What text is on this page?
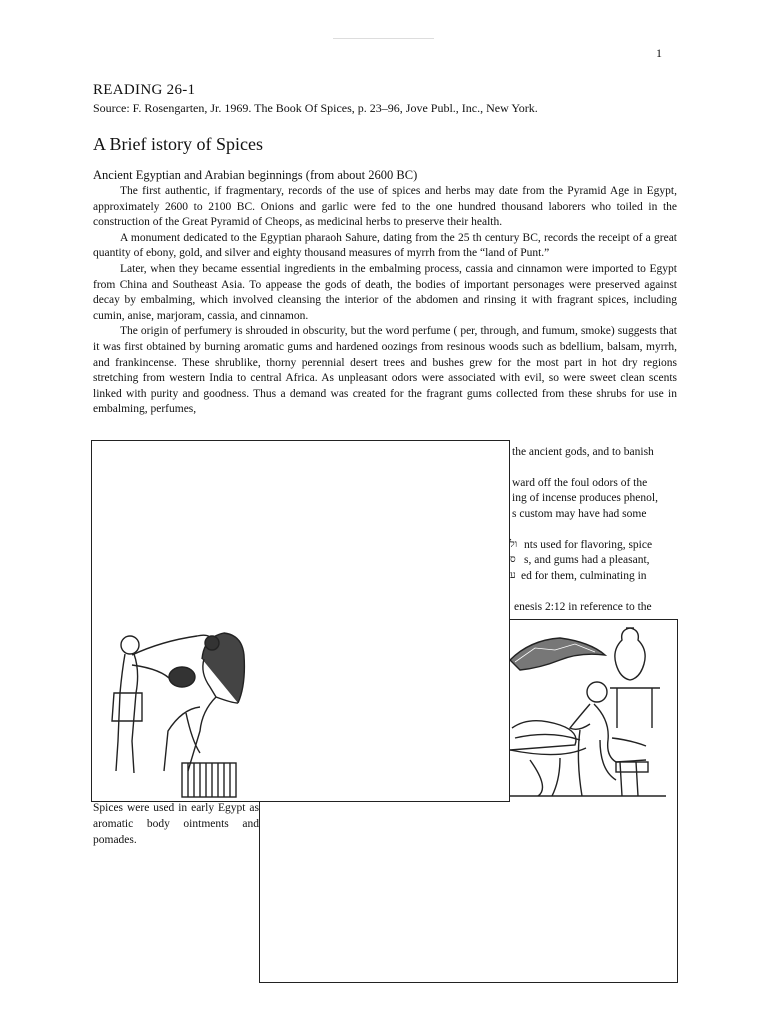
1
READING 26-1
Source: F. Rosengarten, Jr. 1969. The Book Of Spices, p. 23–96, Jove Publ., Inc., New York.
A Brief istory of Spices
Ancient Egyptian and Arabian beginnings (from about 2600 BC)

The first authentic, if fragmentary, records of the use of spices and herbs may date from the Pyramid Age in Egypt, approximately 2600 to 2100 BC. Onions and garlic were fed to the one hundred thousand laborers who toiled in the construction of the Great Pyramid of Cheops, as medicinal herbs to preserve their health.

A monument dedicated to the Egyptian pharaoh Sahure, dating from the 25 th century BC, records the receipt of a great quantity of ebony, gold, and silver and eighty thousand measures of myrrh from the “land of Punt.”

Later, when they became essential ingredients in the embalming process, cassia and cinnamon were imported to Egypt from China and Southeast Asia. To appease the gods of death, the bodies of important personages were preserved against decay by embalming, which involved cleansing the interior of the abdomen and rinsing it with fragrant spices, including cumin, anise, marjoram, cassia, and cinnamon.

The origin of perfumery is shrouded in obscurity, but the word perfume ( per, through, and fumum, smoke) suggests that it was first obtained by burning aromatic gums and hardened oozings from resinous woods such as bdellium, balsam, myrrh, and frankincense. These shrublike, thorny perennial desert trees and bushes grew for the most part in hot dry regions stretching from western India to central Africa. As unpleasant odors were associated with evil, so were sweet clean scents linked with purity and goodness. Thus a demand was created for the fragrant gums collected from these shrubs for use in embalming, perfumes,

the ancient gods, and to banish
ward off the foul odors of the
ing of incense produces phenol,
s custom may have had some
ול nts used for flavoring, spice
ס s, and gums had a pleasant,
ע ed for them, culminating in
enesis 2:12 in reference to the
Spices were used in early Egypt as aromatic body ointments and pomades.
